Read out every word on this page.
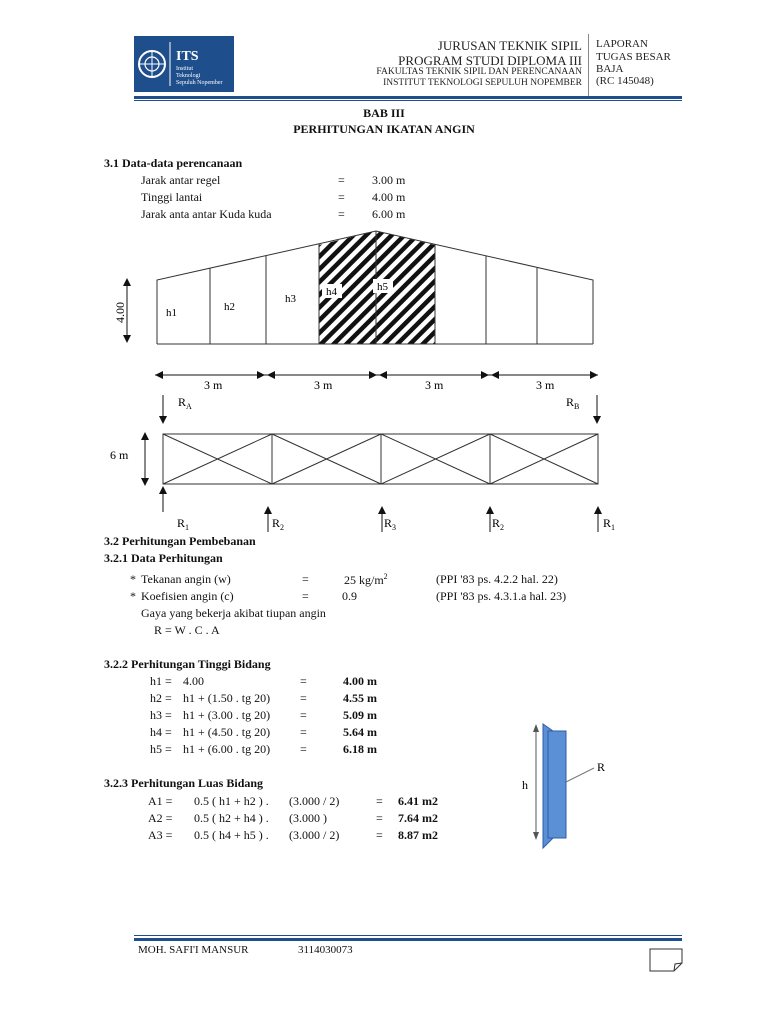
ITS
Institut
Teknologi
Sepuluh Nopember
JURUSAN TEKNIK SIPIL
PROGRAM STUDI DIPLOMA III
FAKULTAS TEKNIK SIPIL DAN PERENCANAAN
INSTITUT TEKNOLOGI SEPULUH NOPEMBER
LAPORAN
TUGAS BESAR
BAJA
(RC 145048)
BAB III
PERHITUNGAN IKATAN ANGIN
3.1 Data-data perencanaan
Jarak antar regel	= 3.00 m
Tinggi lantai	= 4.00 m
Jarak anta antar Kuda kuda	= 6.00 m
h1	h2
h3
h4	h5
4.00
3 m	3 m	3 m	3 m
$R_A$	$R_B$
6 m
$R_1$	$R_2$	$R_3$	$R_2$	$R_1$
h
R
3.2 Perhitungan Pembebanan
3.2.1 Data Perhitungan
* Tekanan angin (w)	=	25 $kg/m^2$	(PPI '83 ps. 4.2.2 hal. 22)
* Koefisien angin (c)	=	0.9	(PPI '83 ps. 4.3.1.a hal. 23)
Gaya yang bekerja akibat tiupan angin
R = W . C . A
3.2.2 Perhitungan Tinggi Bidang
h1 = 4.00	=	4.00 m
h2 = h1 + (1.50 . tg 20) =	4.55 m
h3 = h1 + (3.00 . tg 20) =	5.09 m
h4 = h1 + (4.50 . tg 20) =	5.64 m
h5 = h1 + (6.00 . tg 20) =	6.18 m
3.2.3 Perhitungan Luas Bidang
A1 = 0.5 ( h1 + h2 ) . (3.000 / 2)	= 6.41 m2
A2 = 0.5 ( h2 + h4 ) . (3.000 )	= 7.64 m2
A3 = 0.5 ( h4 + h5 ) . (3.000 / 2)	= 8.87 m2
MOH. SAFI'I MANSUR	3114030073
